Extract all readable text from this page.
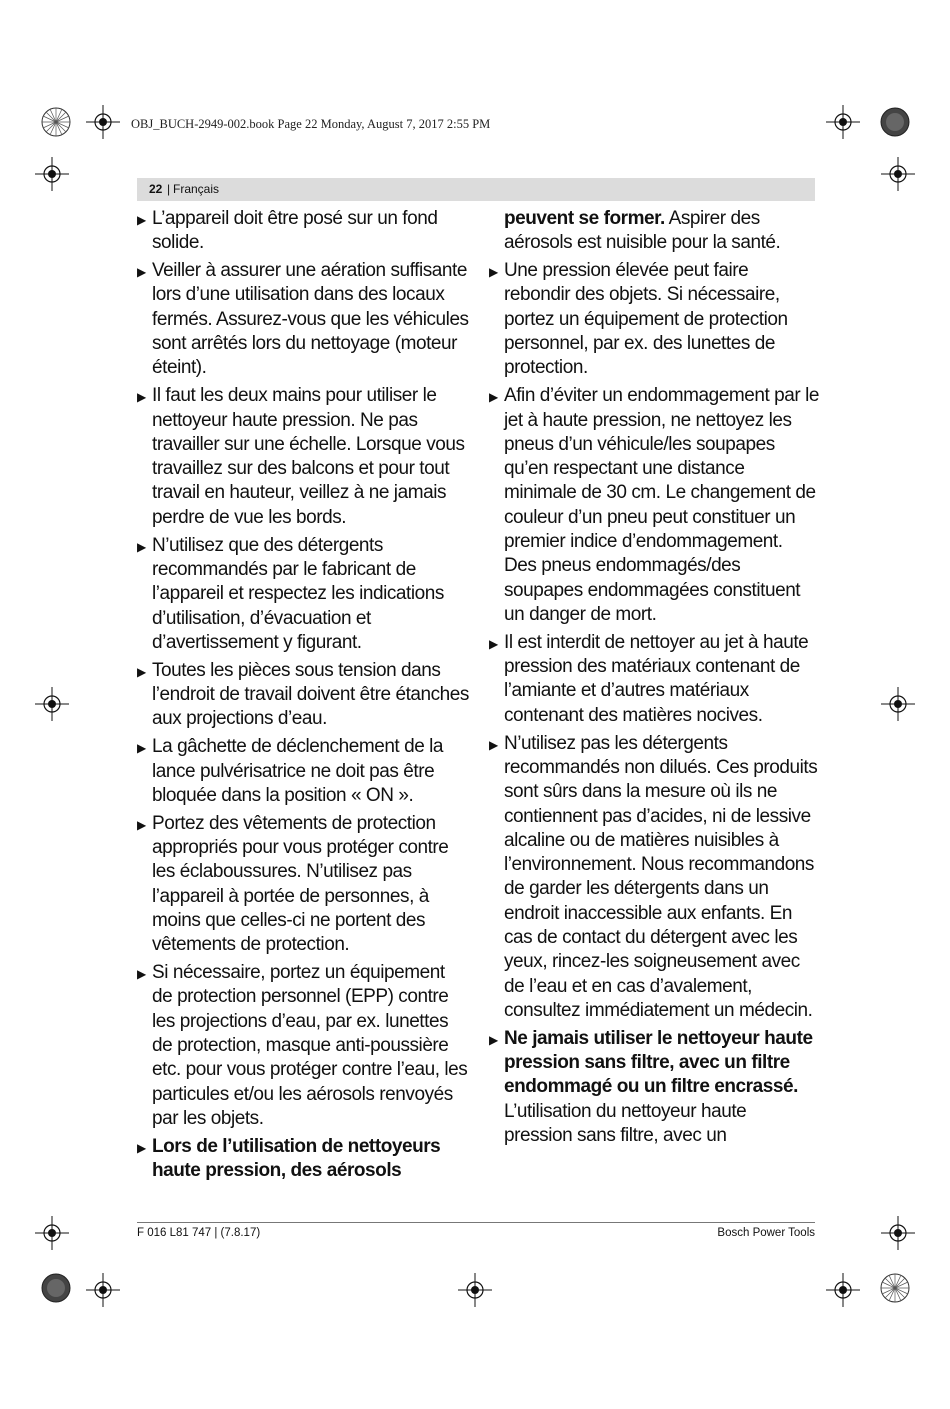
OBJ_BUCH-2949-002.book Page 22 Monday, August 7, 2017 2:55 PM
22 | Français
▶ L’appareil doit être posé sur un fond solide.
▶ Veiller à assurer une aération suffisante lors d’une utilisation dans des locaux fermés. Assurez-vous que les véhicules sont arrêtés lors du nettoyage (moteur éteint).
▶ Il faut les deux mains pour utiliser le nettoyeur haute pression. Ne pas travailler sur une échelle. Lorsque vous travaillez sur des balcons et pour tout travail en hauteur, veillez à ne jamais perdre de vue les bords.
▶ N’utilisez que des détergents recommandés par le fabricant de l’appareil et respectez les indications d’utilisation, d’évacuation et d’avertissement y figurant.
▶ Toutes les pièces sous tension dans l’endroit de travail doivent être étanches aux projections d’eau.
▶ La gâchette de déclenchement de la lance pulvérisatrice ne doit pas être bloquée dans la position « ON ».
▶ Portez des vêtements de protection appropriés pour vous protéger contre les éclaboussures. N’utilisez pas l’appareil à portée de personnes, à moins que celles-ci ne portent des vêtements de protection.
▶ Si nécessaire, portez un équipement de protection personnel (EPP) contre les projections d’eau, par ex. lunettes de protection, masque anti-poussière etc. pour vous protéger contre l’eau, les particules et/ou les aérosols renvoyés par les objets.
▶ Lors de l’utilisation de nettoyeurs haute pression, des aérosols
peuvent se former. Aspirer des aérosols est nuisible pour la santé.
▶ Une pression élevée peut faire rebondir des objets. Si nécessaire, portez un équipement de protection personnel, par ex. des lunettes de protection.
▶ Afin d’éviter un endommagement par le jet à haute pression, ne nettoyez les pneus d’un véhicule/les soupapes qu’en respectant une distance minimale de 30 cm. Le changement de couleur d’un pneu peut constituer un premier indice d’endommagement. Des pneus endommagés/des soupapes endommagées constituent un danger de mort.
▶ Il est interdit de nettoyer au jet à haute pression des matériaux contenant de l’amiante et d’autres matériaux contenant des matières nocives.
▶ N’utilisez pas les détergents recommandés non dilués. Ces produits sont sûrs dans la mesure où ils ne contiennent pas d’acides, ni de lessive alcaline ou de matières nuisibles à l’environnement. Nous recommandons de garder les détergents dans un endroit inaccessible aux enfants. En cas de contact du détergent avec les yeux, rincez-les soigneusement avec de l’eau et en cas d’avalement, consultez immédiatement un médecin.
▶ Ne jamais utiliser le nettoyeur haute pression sans filtre, avec un filtre endommagé ou un filtre encrassé. L’utilisation du nettoyeur haute pression sans filtre, avec un
F 016 L81 747 | (7.8.17)	Bosch Power Tools
